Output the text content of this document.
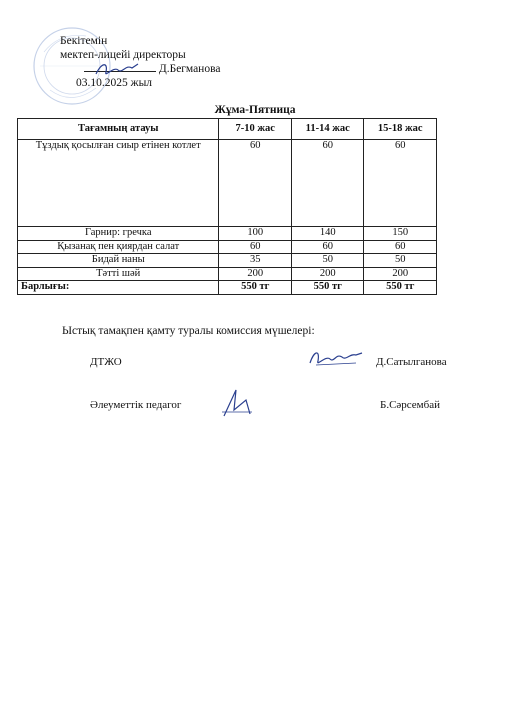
Бекітемін
мектеп-лицейі директоры
Д.Бегманова
03.10.2025 жыл
Жұма-Пятница
Тағамның атауы	7-10 жас	11-14 жас	15-18 жас
Тұздық қосылған сиыр етінен котлет	60	60	60
Гарнир: гречка	100	140	150
Қызанақ пен қиярдан салат	60	60	60
Бидай наны	35	50	50
Тәтті шәй	200	200	200
Барлығы:	550 тг	550 тг	550 тг
Ыстық тамақпен қамту туралы комиссия мүшелері:
ДТЖО	Д.Сатылганова
Әлеуметтік педагог	Б.Сәрсембай
